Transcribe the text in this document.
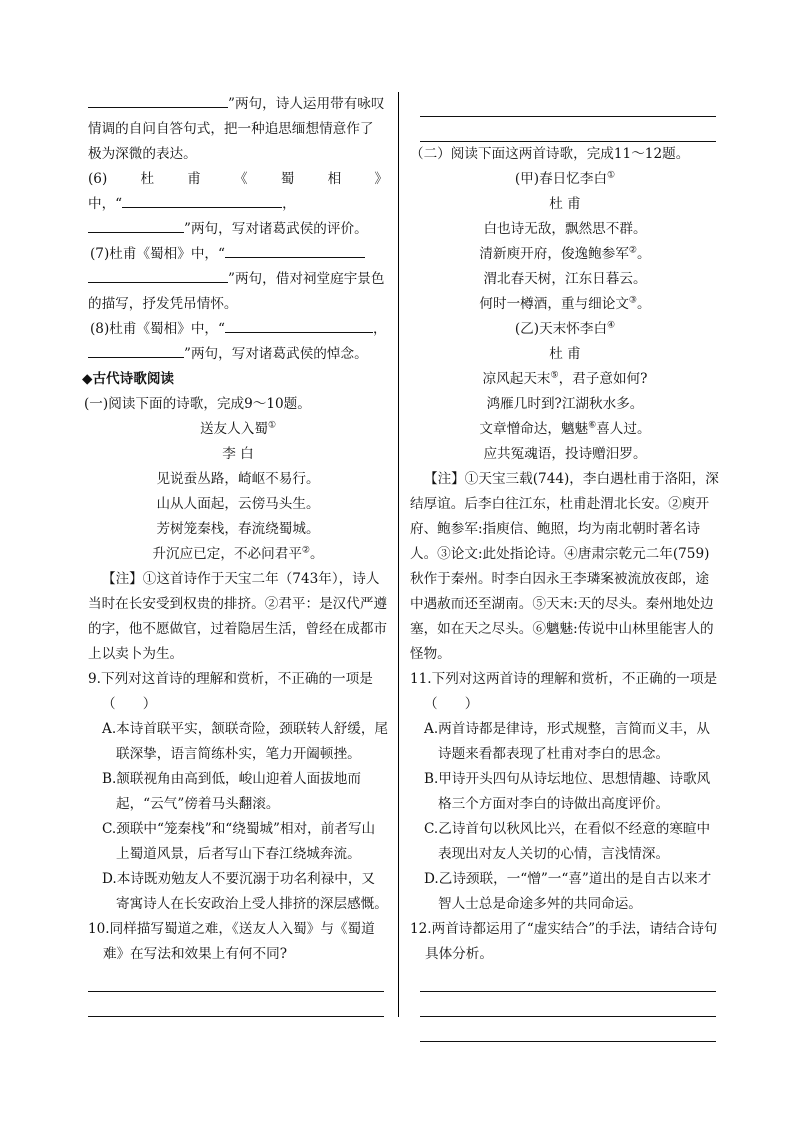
”两句，诗人运用带有咏叹

情调的自问自答句式，把一种追思缅想情意作了

极为深微的表达。

(6) 杜 甫 《 蜀 相 》

中，“	，

”两句，写对诸葛武侯的评价。

(7)杜甫《蜀相》中，“

”两句，借对祠堂庭宇景色

的描写，抒发凭吊情怀。

(8)杜甫《蜀相》中，“	，

”两句，写对诸葛武侯的悼念。

◆古代诗歌阅读

(一)阅读下面的诗歌，完成9～10题。

送友人入蜀①

李 白

见说蚕丛路，崎岖不易行。

山从人面起，云傍马头生。

芳树笼秦栈，春流绕蜀城。

升沉应已定，不必问君平②。

【注】①这首诗作于天宝二年（743年），诗人当时在长安受到权贵的排挤。②君平：是汉代严遵的字，他不愿做官，过着隐居生活，曾经在成都市上以卖卜为生。

9.下列对这首诗的理解和赏析，不正确的一项是

（　　）

A.本诗首联平实，颔联奇险，颈联转人舒缓，尾联深挚，语言简练朴实，笔力开阖顿挫。

B.颔联视角由高到低，峻山迎着人面拔地而起，“云气”傍着马头翻滚。

C.颈联中“笼秦栈”和“绕蜀城”相对，前者写山上蜀道风景，后者写山下春江绕城奔流。

D.本诗既劝勉友人不要沉溺于功名利禄中，又寄寓诗人在长安政治上受人排挤的深层感慨。

10.同样描写蜀道之难，《送友人入蜀》与《蜀道难》在写法和效果上有何不同?

（二）阅读下面这两首诗歌，完成11～12题。

(甲)春日忆李白①

杜 甫

白也诗无敌，飘然思不群。

清新庾开府，俊逸鲍参军②。

渭北春天树，江东日暮云。

何时一樽酒，重与细论文③。

(乙)天末怀李白④

杜 甫

凉风起天末⑤，君子意如何?

鸿雁几时到?江湖秋水多。

文章憎命达，魑魅⑥喜人过。

应共冤魂语，投诗赠汨罗。

【注】①天宝三载(744)，李白遇杜甫于洛阳，深结厚谊。后李白往江东，杜甫赴渭北长安。②庾开府、鲍参军:指庾信、鲍照，均为南北朝时著名诗人。③论文:此处指论诗。④唐肃宗乾元二年(759)秋作于秦州。时李白因永王李璘案被流放夜郎，途中遇赦而还至湖南。⑤天末:天的尽头。秦州地处边塞，如在天之尽头。⑥魑魅:传说中山林里能害人的怪物。

11.下列对这两首诗的理解和赏析，不正确的一项是

（　　）

A.两首诗都是律诗，形式规整，言简而义丰，从诗题来看都表现了杜甫对李白的思念。

B.甲诗开头四句从诗坛地位、思想情趣、诗歌风格三个方面对李白的诗做出高度评价。

C.乙诗首句以秋风比兴，在看似不经意的寒暄中表现出对友人关切的心情，言浅情深。

D.乙诗颈联，一“憎”一“喜”道出的是自古以来才智人士总是命途多舛的共同命运。

12.两首诗都运用了“虚实结合”的手法，请结合诗句具体分析。
